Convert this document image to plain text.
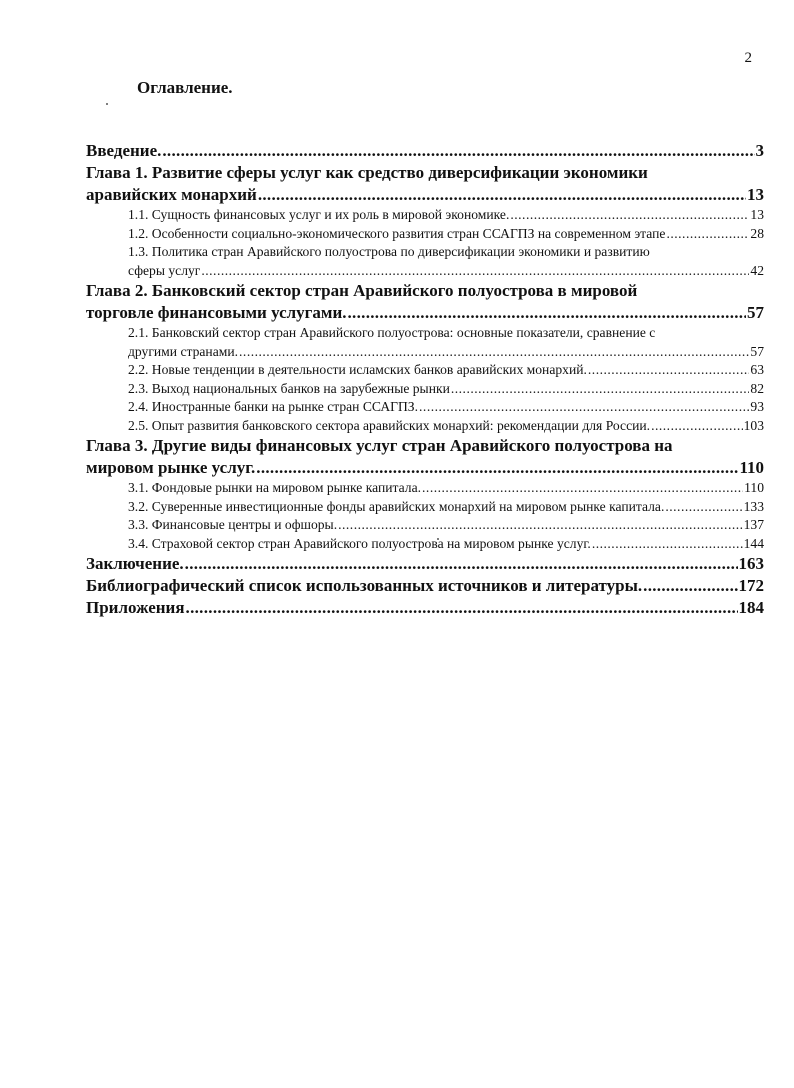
2
Оглавление.
Введение. .....	3
Глава 1. Развитие сферы услуг как средство диверсификации экономики
аравийских монархий .....	13
1.1. Сущность финансовых услуг и их роль в мировой экономике. .....	13
1.2. Особенности социально-экономического развития стран ССАГПЗ на современном этапе .....	28
1.3. Политика стран Аравийского полуострова по диверсификации экономики и развитию
сферы услуг .....	42
Глава 2. Банковский сектор стран Аравийского полуострова в мировой
торговле финансовыми услугами. .....	57
2.1. Банковский сектор стран Аравийского полуострова: основные показатели, сравнение с
другими странами. .....	57
2.2. Новые тенденции в деятельности исламских банков аравийских монархий. .....	63
2.3. Выход национальных банков на зарубежные рынки .....	82
2.4. Иностранные банки на рынке стран ССАГПЗ. .....	93
2.5. Опыт развития банковского сектора аравийских монархий: рекомендации для России. .....	103
Глава 3. Другие виды финансовых услуг стран Аравийского полуострова на
мировом рынке услуг. .....	110
3.1. Фондовые рынки на мировом рынке капитала. .....	110
3.2. Суверенные инвестиционные фонды аравийских монархий на мировом рынке капитала. .....	133
3.3. Финансовые центры и офшоры. .....	137
3.4. Страховой сектор стран Аравийского полуострова на мировом рынке услуг. .....	144
Заключение. .....	163
Библиографический список использованных источников и литературы. .....	172
Приложения .....	184
